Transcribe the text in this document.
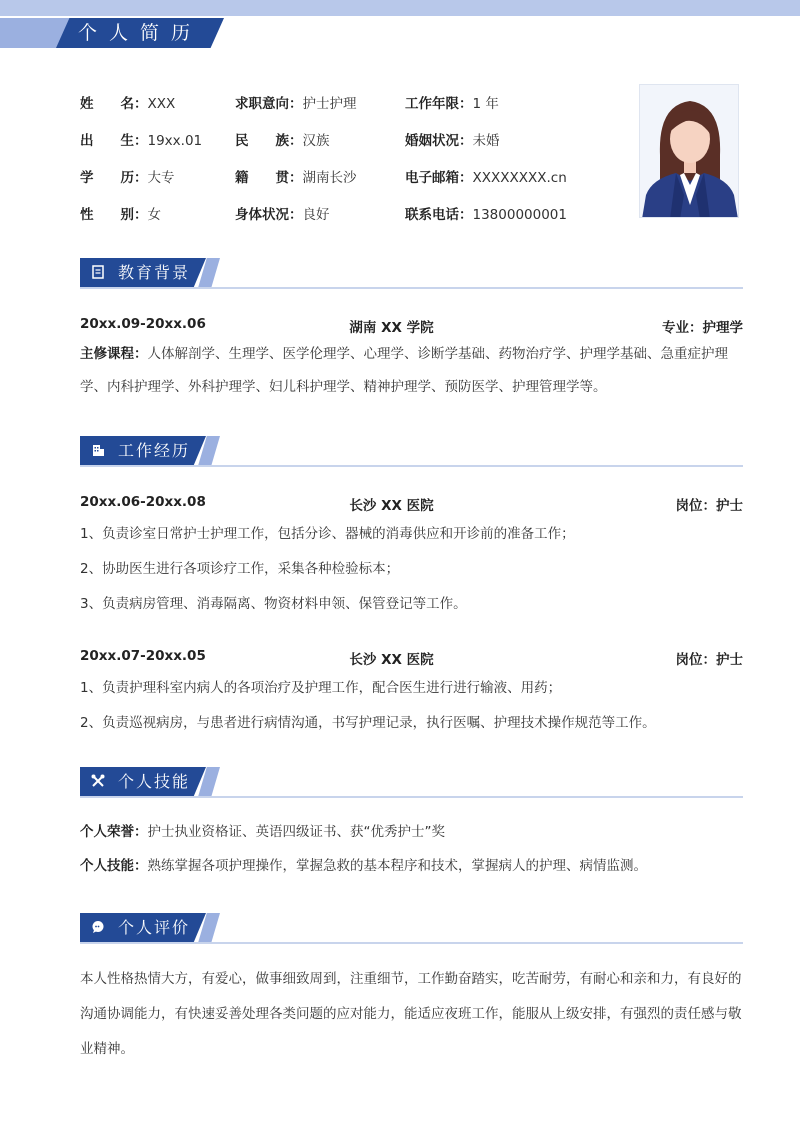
个人简历
姓　　名：XXX	求职意向：护士护理	工作年限：1 年
出　　生：19xx.01 民　　族：汉族	婚姻状况：未婚
学　　历：大专	籍　　贯：湖南长沙	电子邮箱：XXXXXXXX.cn
性　　别：女	身体状况：良好	联系电话：13800000001
教育背景
20xx.09-20xx.06	湖南 XX 学院	专业：护理学
主修课程：人体解剖学、生理学、医学伦理学、心理学、诊断学基础、药物治疗学、护理学基础、急重症护理学、内科护理学、外科护理学、妇儿科护理学、精神护理学、预防医学、护理管理学等。
工作经历
20xx.06-20xx.08	长沙 XX 医院	岗位：护士
1、负责诊室日常护士护理工作，包括分诊、器械的消毒供应和开诊前的准备工作；
2、协助医生进行各项诊疗工作，采集各种检验标本；
3、负责病房管理、消毒隔离、物资材料申领、保管登记等工作。
20xx.07-20xx.05	长沙 XX 医院	岗位：护士
1、负责护理科室内病人的各项治疗及护理工作，配合医生进行进行输液、用药；
2、负责巡视病房，与患者进行病情沟通，书写护理记录，执行医嘱、护理技术操作规范等工作。
个人技能
个人荣誉：护士执业资格证、英语四级证书、获“优秀护士”奖
个人技能：熟练掌握各项护理操作，掌握急救的基本程序和技术，掌握病人的护理、病情监测。
个人评价
本人性格热情大方，有爱心，做事细致周到，注重细节，工作勤奋踏实，吃苦耐劳，有耐心和亲和力，有良好的沟通协调能力，有快速妥善处理各类问题的应对能力，能适应夜班工作，能服从上级安排，有强烈的责任感与敬业精神。
